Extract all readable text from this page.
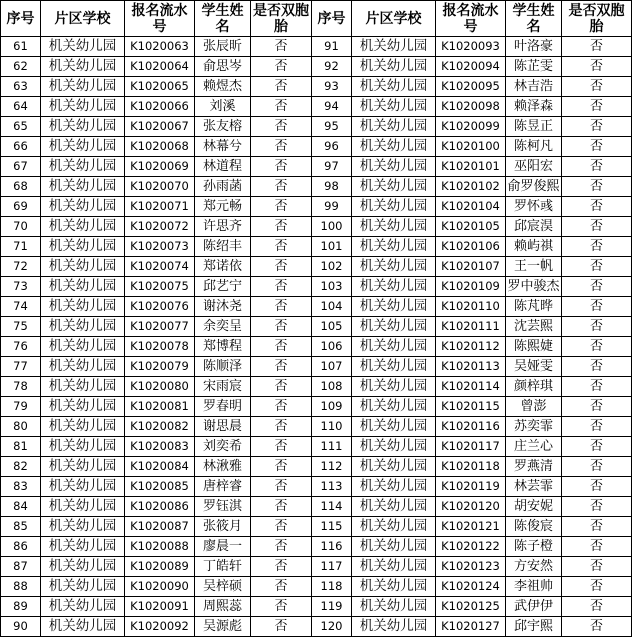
序号	片区学校	报名流水号	学生姓名	是否双胞胎	序号	片区学校	报名流水号	学生姓名	是否双胞胎
61	机关幼儿园	K1020063	张辰昕	否	91	机关幼儿园	K1020093	叶洛豪	否
62	机关幼儿园	K1020064	俞思岑	否	92	机关幼儿园	K1020094	陈芷雯	否
63	机关幼儿园	K1020065	赖煜杰	否	93	机关幼儿园	K1020095	林吉浩	否
64	机关幼儿园	K1020066	刘溪	否	94	机关幼儿园	K1020098	赖泽森	否
65	机关幼儿园	K1020067	张友榕	否	95	机关幼儿园	K1020099	陈昱正	否
66	机关幼儿园	K1020068	林幕兮	否	96	机关幼儿园	K1020100	陈柯凡	否
67	机关幼儿园	K1020069	林道程	否	97	机关幼儿园	K1020101	巫阳宏	否
68	机关幼儿园	K1020070	孙雨菡	否	98	机关幼儿园	K1020102	俞罗俊熙	否
69	机关幼儿园	K1020071	郑元畅	否	99	机关幼儿园	K1020104	罗怀彧	否
70	机关幼儿园	K1020072	许思齐	否	100	机关幼儿园	K1020105	邱宸淏	否
71	机关幼儿园	K1020073	陈绍丰	否	101	机关幼儿园	K1020106	赖屿祺	否
72	机关幼儿园	K1020074	郑诺依	否	102	机关幼儿园	K1020107	王一帆	否
73	机关幼儿园	K1020075	邱艺宁	否	103	机关幼儿园	K1020109	罗中骏杰	否
74	机关幼儿园	K1020076	谢沐尧	否	104	机关幼儿园	K1020110	陈芃晔	否
75	机关幼儿园	K1020077	余奕呈	否	105	机关幼儿园	K1020111	沈芸熙	否
76	机关幼儿园	K1020078	郑博程	否	106	机关幼儿园	K1020112	陈熙婕	否
77	机关幼儿园	K1020079	陈顺泽	否	107	机关幼儿园	K1020113	吴娅雯	否
78	机关幼儿园	K1020080	宋雨宸	否	108	机关幼儿园	K1020114	颜梓琪	否
79	机关幼儿园	K1020081	罗春明	否	109	机关幼儿园	K1020115	曾澎	否
80	机关幼儿园	K1020082	谢思晨	否	110	机关幼儿园	K1020116	苏奕霏	否
81	机关幼儿园	K1020083	刘奕希	否	111	机关幼儿园	K1020117	庄兰心	否
82	机关幼儿园	K1020084	林湫雅	否	112	机关幼儿园	K1020118	罗燕清	否
83	机关幼儿园	K1020085	唐梓睿	否	113	机关幼儿园	K1020119	林芸霏	否
84	机关幼儿园	K1020086	罗钰淇	否	114	机关幼儿园	K1020120	胡安妮	否
85	机关幼儿园	K1020087	张筱月	否	115	机关幼儿园	K1020121	陈俊宸	否
86	机关幼儿园	K1020088	廖晨一	否	116	机关幼儿园	K1020122	陈子橙	否
87	机关幼儿园	K1020089	丁皓轩	否	117	机关幼儿园	K1020123	方安然	否
88	机关幼儿园	K1020090	吴梓硕	否	118	机关幼儿园	K1020124	李祖帅	否
89	机关幼儿园	K1020091	周熙蕊	否	119	机关幼儿园	K1020125	武伊伊	否
90	机关幼儿园	K1020092	吴源彪	否	120	机关幼儿园	K1020127	邱宇熙	否
